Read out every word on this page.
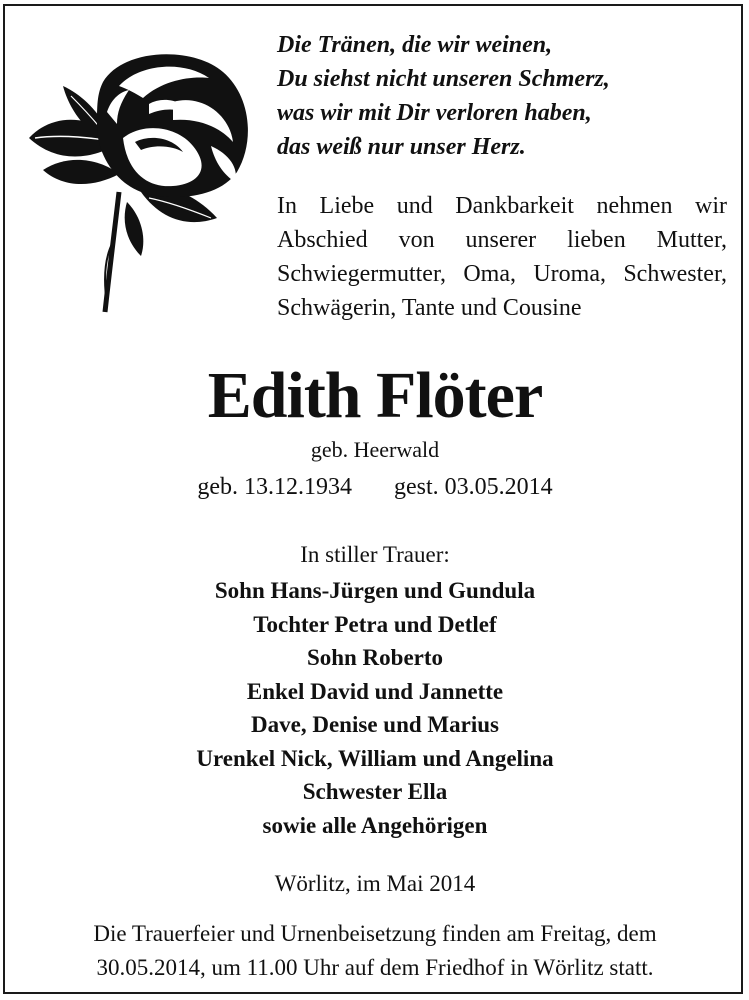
Die Tränen, die wir weinen,
Du siehst nicht unseren Schmerz,
was wir mit Dir verloren haben,
das weiß nur unser Herz.
In Liebe und Dankbarkeit nehmen wir
Abschied von unserer lieben Mutter,
Schwiegermutter, Oma, Uroma, Schwester,
Schwägerin, Tante und Cousine
Edith Flöter
geb. Heerwald
geb. 13.12.1934 gest. 03.05.2014
In stiller Trauer:
Sohn Hans-Jürgen und Gundula
Tochter Petra und Detlef
Sohn Roberto
Enkel David und Jannette
Dave, Denise und Marius
Urenkel Nick, William und Angelina
Schwester Ella
sowie alle Angehörigen
Wörlitz, im Mai 2014
Die Trauerfeier und Urnenbeisetzung finden am Freitag, dem
30.05.2014, um 11.00 Uhr auf dem Friedhof in Wörlitz statt.
